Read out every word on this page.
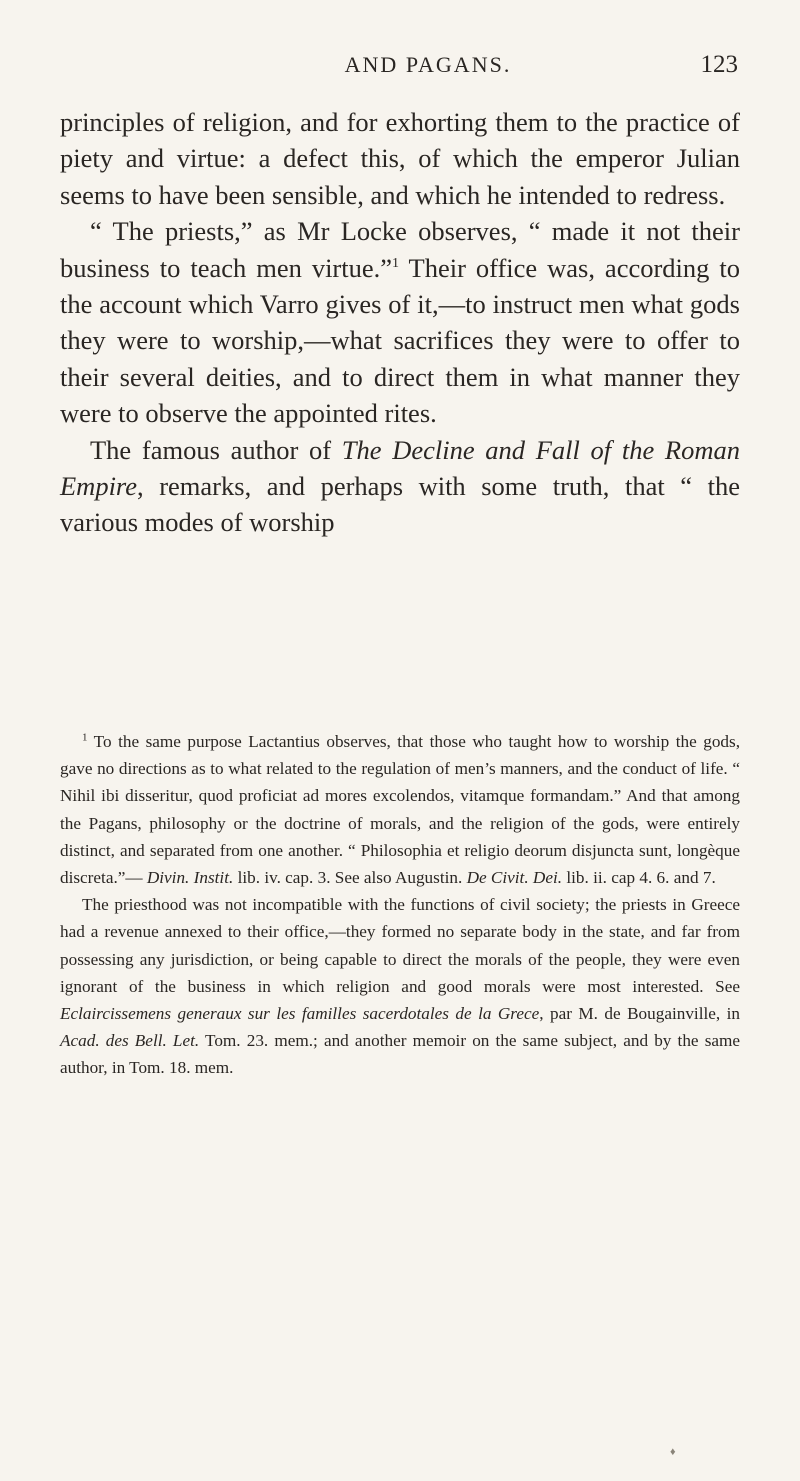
AND PAGANS.	123

principles of religion, and for exhorting them to the practice of piety and virtue: a defect this, of which the emperor Julian seems to have been sensible, and which he intended to redress.

“ The priests,” as Mr Locke observes, “ made it not their business to teach men virtue.”$^1$ Their office was, according to the account which Varro gives of it,—to instruct men what gods they were to worship,—what sacrifices they were to offer to their several deities, and to direct them in what manner they were to observe the appointed rites.

The famous author of The Decline and Fall of the Roman Empire, remarks, and perhaps with some truth, that “ the various modes of worship

$^1$ To the same purpose Lactantius observes, that those who taught how to worship the gods, gave no directions as to what related to the regulation of men’s manners, and the conduct of life. “ Nihil ibi disseritur, quod proficiat ad mores excolendos, vitamque formandam.” And that among the Pagans, philosophy or the doctrine of morals, and the religion of the gods, were entirely distinct, and separated from one another. “ Philosophia et religio deorum disjuncta sunt, longèque discreta.”— Divin. Instit. lib. iv. cap. 3. See also Augustin. De Civit. Dei. lib. ii. cap 4. 6. and 7.

The priesthood was not incompatible with the functions of civil society; the priests in Greece had a revenue annexed to their office,—they formed no separate body in the state, and far from possessing any jurisdiction, or being capable to direct the morals of the people, they were even ignorant of the business in which religion and good morals were most interested. See Eclaircissemens generaux sur les familles sacerdotales de la Grece, par M. de Bougainville, in Acad. des Bell. Let. Tom. 23. mem.; and another memoir on the same subject, and by the same author, in Tom. 18. mem.

♦
